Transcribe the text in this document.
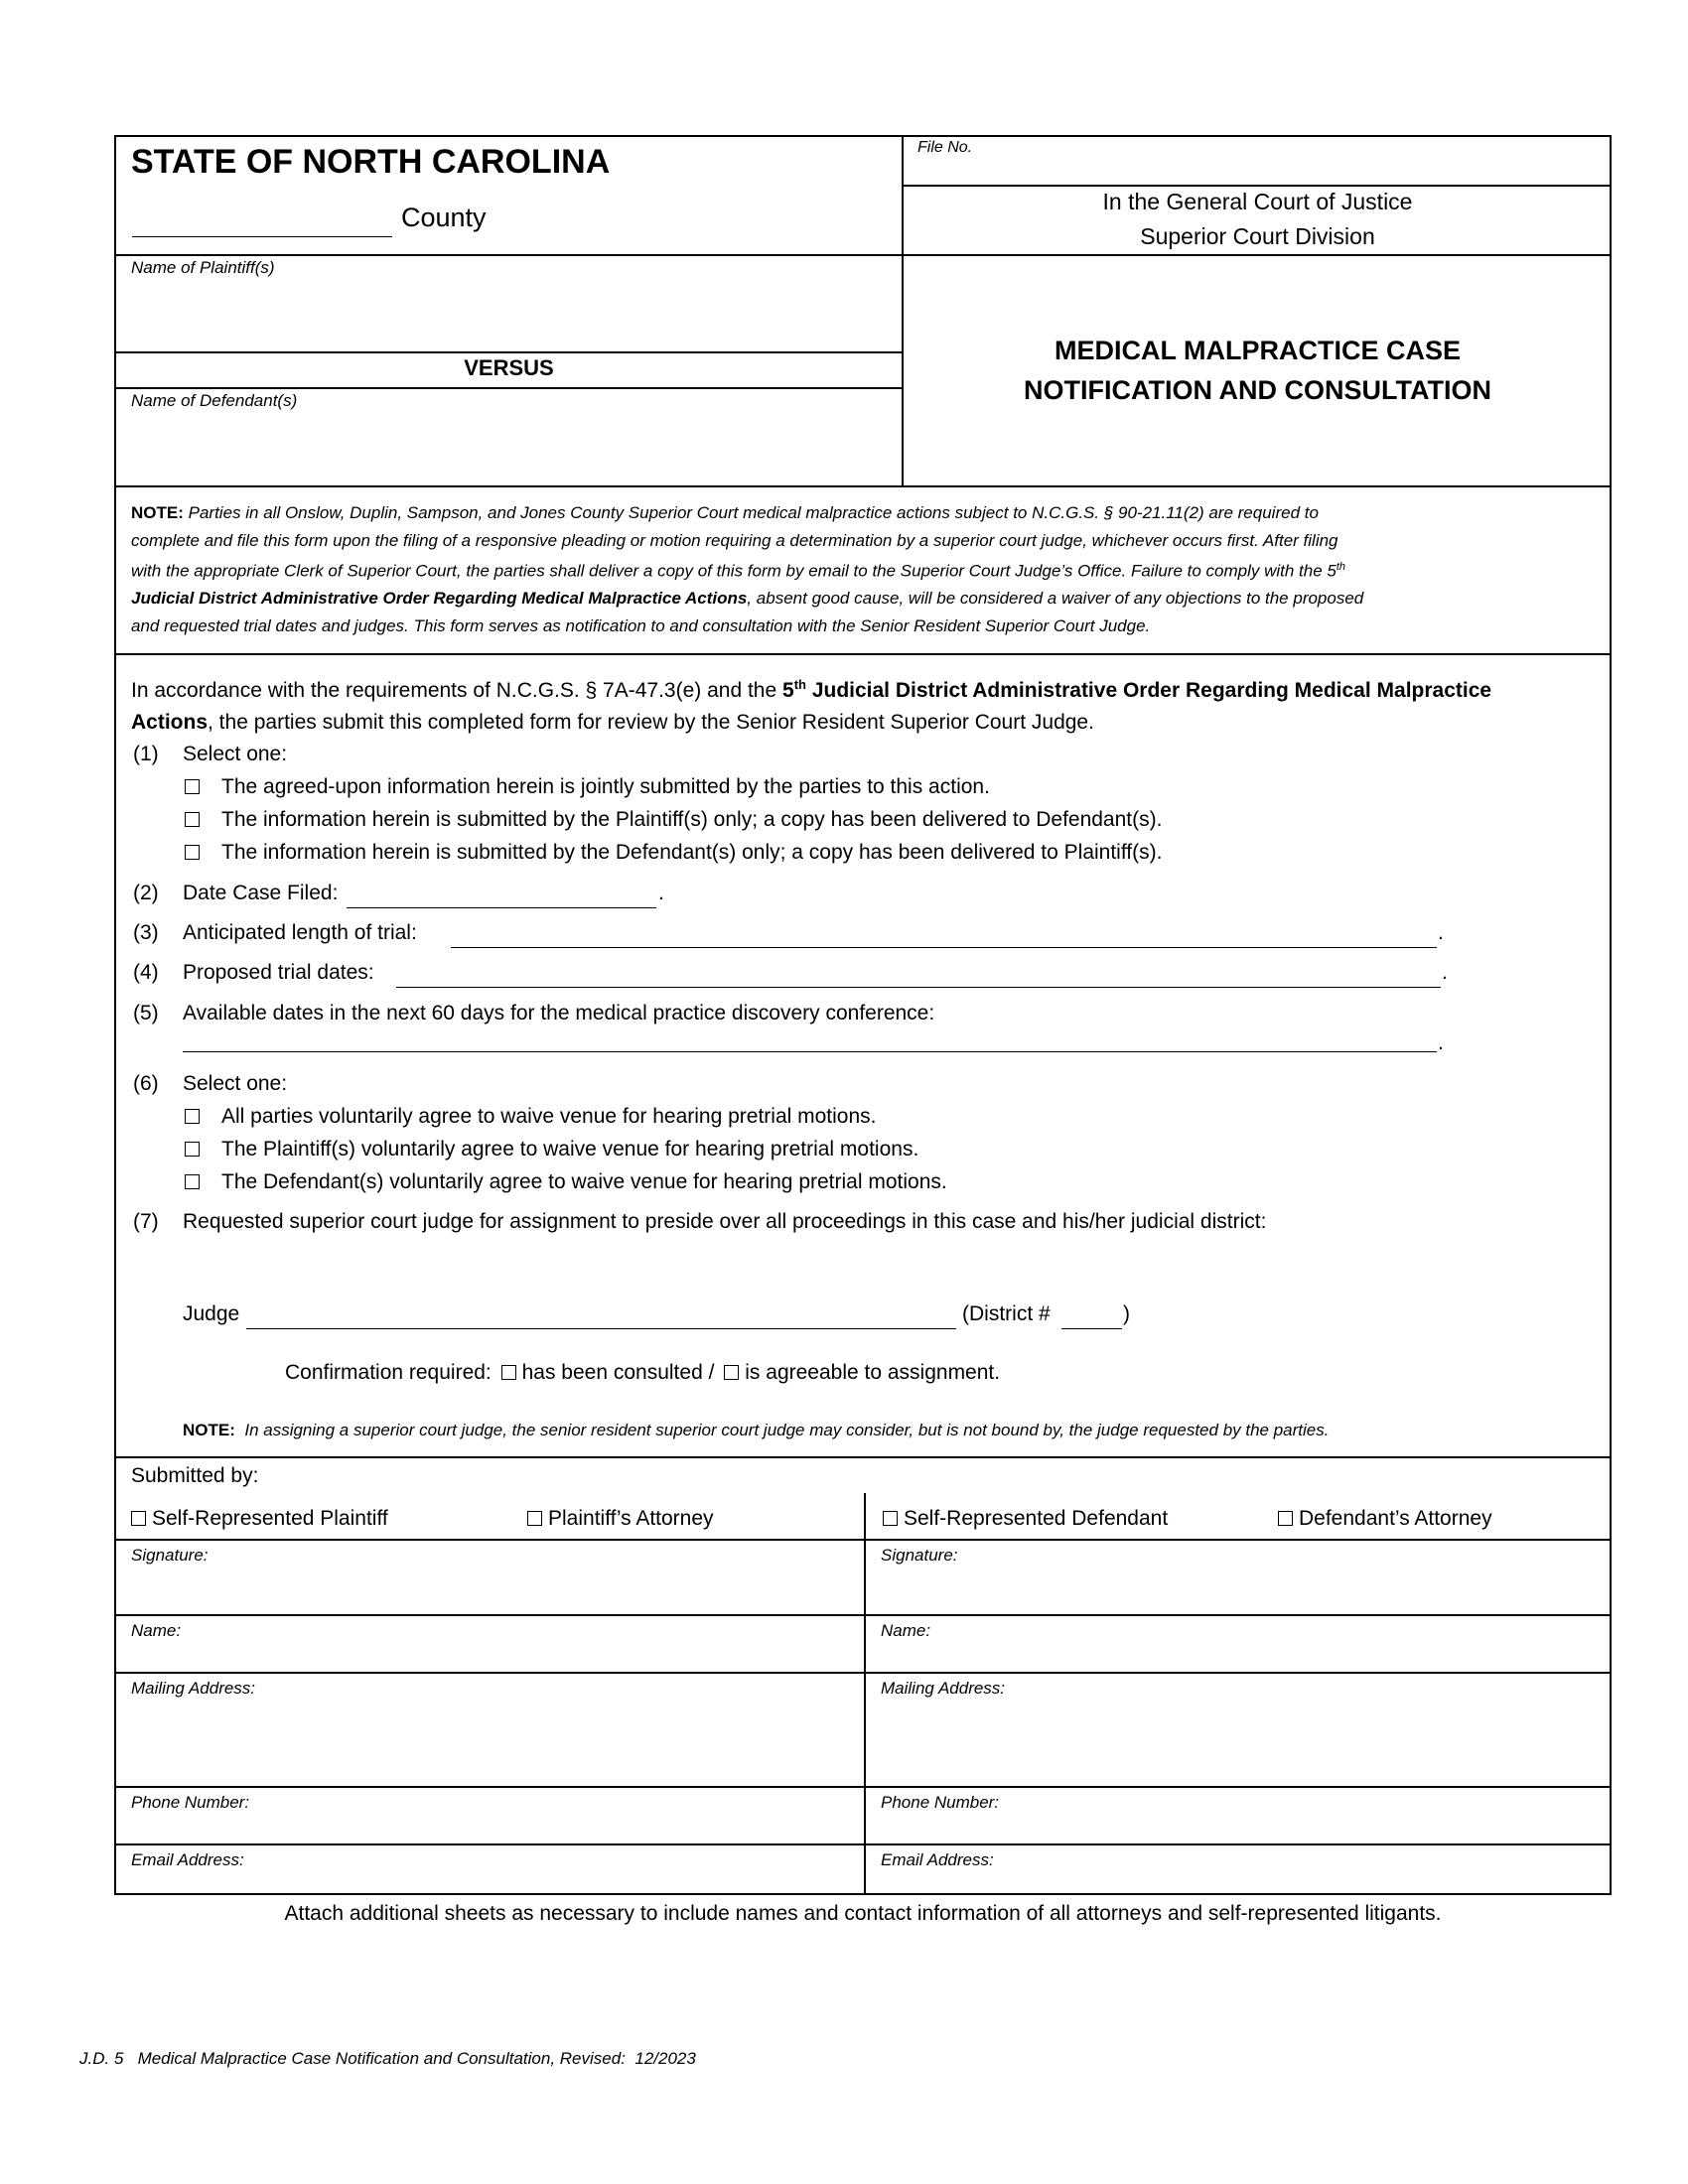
STATE OF NORTH CAROLINA
County
File No.
In the General Court of Justice
Superior Court Division
Name of Plaintiff(s)
VERSUS
Name of Defendant(s)
MEDICAL MALPRACTICE CASE
NOTIFICATION AND CONSULTATION
NOTE: Parties in all Onslow, Duplin, Sampson, and Jones County Superior Court medical malpractice actions subject to N.C.G.S. § 90-21.11(2) are required to
complete and file this form upon the filing of a responsive pleading or motion requiring a determination by a superior court judge, whichever occurs first. After filing
with the appropriate Clerk of Superior Court, the parties shall deliver a copy of this form by email to the Superior Court Judge’s Office. Failure to comply with the 5th
Judicial District Administrative Order Regarding Medical Malpractice Actions, absent good cause, will be considered a waiver of any objections to the proposed
and requested trial dates and judges. This form serves as notification to and consultation with the Senior Resident Superior Court Judge.
In accordance with the requirements of N.C.G.S. § 7A-47.3(e) and the 5th Judicial District Administrative Order Regarding Medical Malpractice
Actions, the parties submit this completed form for review by the Senior Resident Superior Court Judge.
(1) Select one:
The agreed-upon information herein is jointly submitted by the parties to this action.
The information herein is submitted by the Plaintiff(s) only; a copy has been delivered to Defendant(s).
The information herein is submitted by the Defendant(s) only; a copy has been delivered to Plaintiff(s).
(2) Date Case Filed:	.
(3) Anticipated length of trial:	.
(4) Proposed trial dates:	.
(5) Available dates in the next 60 days for the medical practice discovery conference:
.
(6) Select one:
All parties voluntarily agree to waive venue for hearing pretrial motions.
The Plaintiff(s) voluntarily agree to waive venue for hearing pretrial motions.
The Defendant(s) voluntarily agree to waive venue for hearing pretrial motions.
(7) Requested superior court judge for assignment to preside over all proceedings in this case and his/her judicial district:
Judge	(District #	)
Confirmation required: has been consulted / is agreeable to assignment.
NOTE: In assigning a superior court judge, the senior resident superior court judge may consider, but is not bound by, the judge requested by the parties.
Submitted by:
Self-Represented Plaintiff	Plaintiff’s Attorney	Self-Represented Defendant	Defendant’s Attorney
Signature:
Name:
Mailing Address:
Phone Number:
Email Address:
Signature:
Name:
Mailing Address:
Phone Number:
Email Address:
Attach additional sheets as necessary to include names and contact information of all attorneys and self-represented litigants.
J.D. 5   Medical Malpractice Case Notification and Consultation, Revised:  12/2023
